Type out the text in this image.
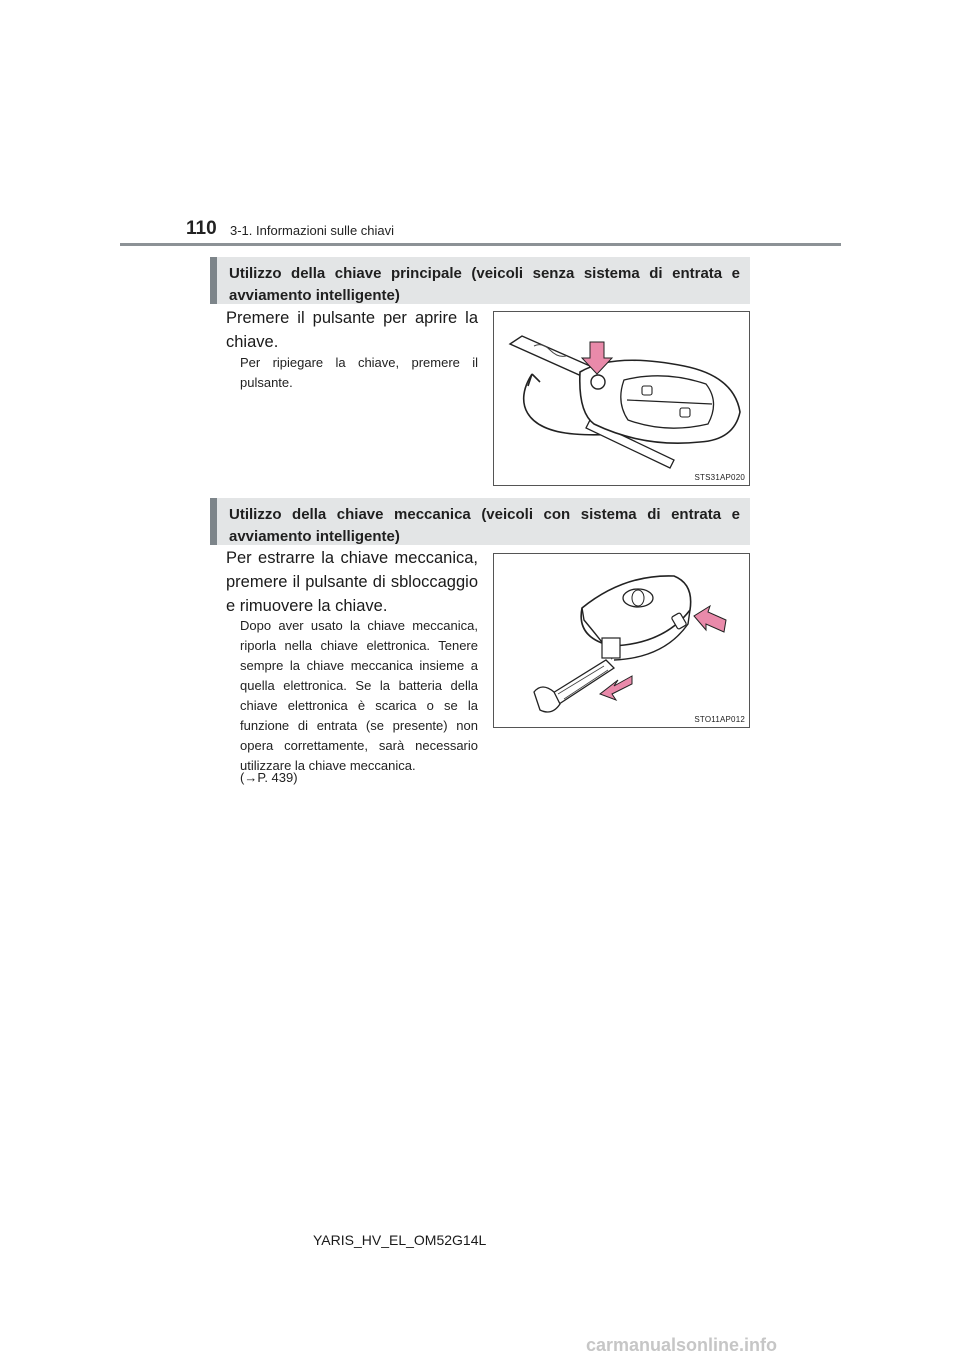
110 3-1. Informazioni sulle chiavi
Utilizzo della chiave principale (veicoli senza sistema di entrata e avviamento intelligente)
Premere il pulsante per aprire la chiave.
Per ripiegare la chiave, premere il pulsante.
STS31AP020
Utilizzo della chiave meccanica (veicoli con sistema di entrata e avviamento intelligente)
Per estrarre la chiave meccanica, premere il pulsante di sbloccaggio e rimuovere la chiave.
Dopo aver usato la chiave meccanica, riporla nella chiave elettronica. Tenere sempre la chiave meccanica insieme a quella elettronica. Se la batteria della chiave elettronica è scarica o se la funzione di entrata (se presente) non opera correttamente, sarà necessario utilizzare la chiave meccanica.
(→P. 439)
STO11AP012
YARIS_HV_EL_OM52G14L
carmanualsonline.info
